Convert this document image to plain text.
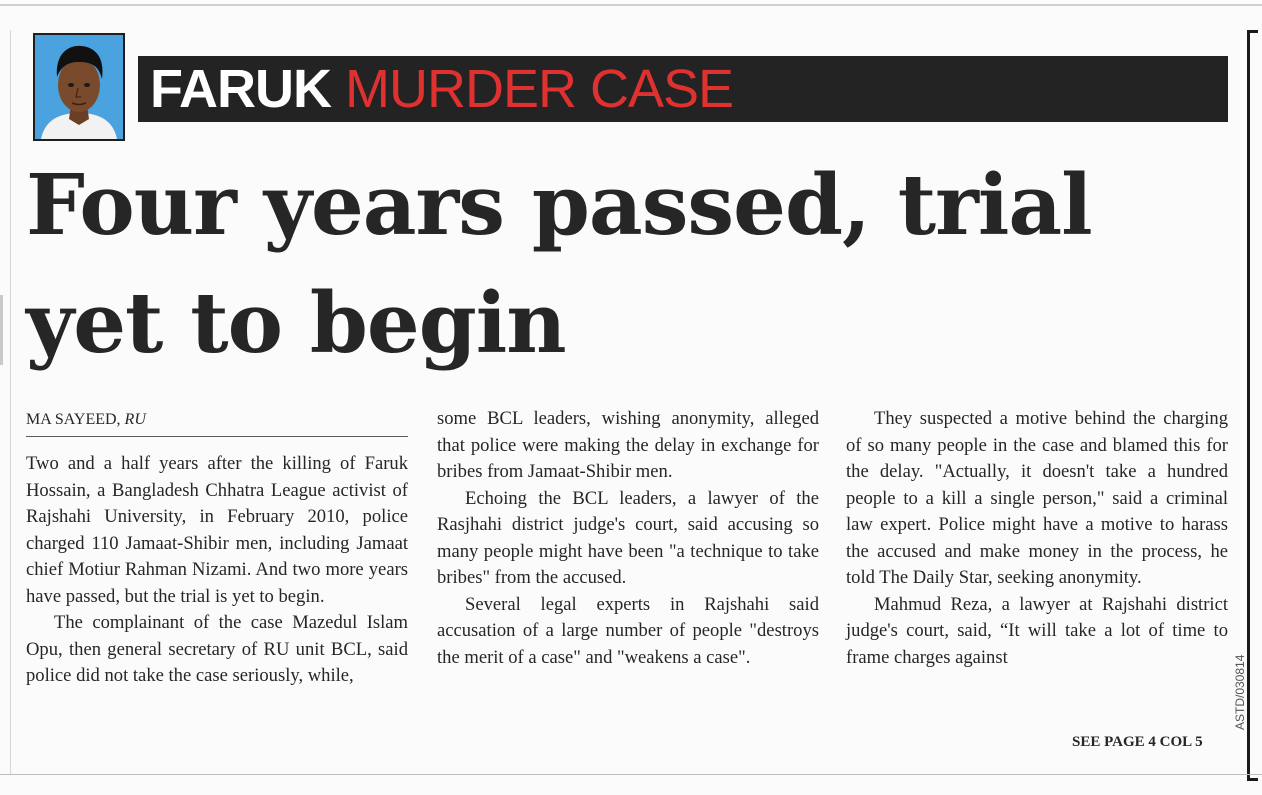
FARUK MURDER CASE
Four years passed, trial yet to begin
MA SAYEED, RU

Two and a half years after the killing of Faruk Hossain, a Bangladesh Chhatra League activist of Rajshahi University, in February 2010, police charged 110 Jamaat-Shibir men, including Jamaat chief Motiur Rahman Nizami. And two more years have passed, but the trial is yet to begin.

The complainant of the case Mazedul Islam Opu, then general secretary of RU unit BCL, said police did not take the case seriously, while,

some BCL leaders, wishing anonymity, alleged that police were making the delay in exchange for bribes from Jamaat-Shibir men.

Echoing the BCL leaders, a lawyer of the Rasjhahi district judge's court, said accusing so many people might have been "a technique to take bribes" from the accused.

Several legal experts in Rajshahi said accusation of a large number of people "destroys the merit of a case" and "weakens a case".

They suspected a motive behind the charging of so many people in the case and blamed this for the delay. "Actually, it doesn't take a hundred people to a kill a single person," said a criminal law expert. Police might have a motive to harass the accused and make money in the process, he told The Daily Star, seeking anonymity.

Mahmud Reza, a lawyer at Rajshahi district judge's court, said, “It will take a lot of time to frame charges against

SEE PAGE 4 COL 5
ASTD/030814
